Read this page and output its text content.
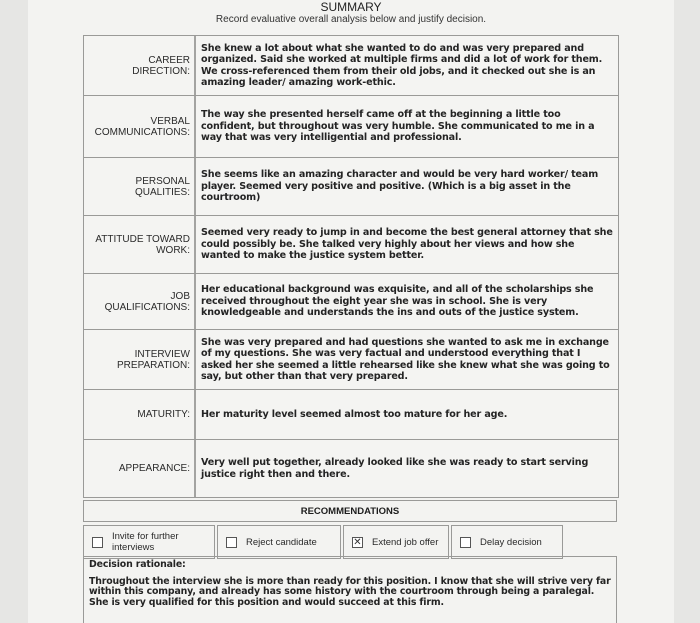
SUMMARY
Record evaluative overall analysis below and justify decision.
CAREER
DIRECTION:
She knew a lot about what she wanted to do and was very prepared and organized. Said she worked at multiple firms and did a lot of work for them. We cross-referenced them from their old jobs, and it checked out she is an amazing leader/ amazing work-ethic.
VERBAL
COMMUNICATIONS:
The way she presented herself came off at the beginning a little too confident, but throughout was very humble. She communicated to me in a way that was very intelligential and professional.
PERSONAL
QUALITIES:
She seems like an amazing character and would be very hard worker/ team player. Seemed very positive and positive. (Which is a big asset in the courtroom)
ATTITUDE TOWARD
WORK:
Seemed very ready to jump in and become the best general attorney that she could possibly be. She talked very highly about her views and how she wanted to make the justice system better.
JOB
QUALIFICATIONS:
Her educational background was exquisite, and all of the scholarships she received throughout the eight year she was in school. She is very knowledgeable and understands the ins and outs of the justice system.
INTERVIEW
PREPARATION:
She was very prepared and had questions she wanted to ask me in exchange of my questions. She was very factual and understood everything that I asked her she seemed a little rehearsed like she knew what she was going to say, but other than that very prepared.
MATURITY: Her maturity level seemed almost too mature for her age.
APPEARANCE:
Very well put together, already looked like she was ready to start serving justice right then and there.
RECOMMENDATIONS
Invite for further
interviews	Reject candidate	✕ Extend job offer	Delay decision
Decision rationale:
Throughout the interview she is more than ready for this position. I know that she will strive very far within this company, and already has some history with the courtroom through being a paralegal. She is very qualified for this position and would succeed at this firm.
